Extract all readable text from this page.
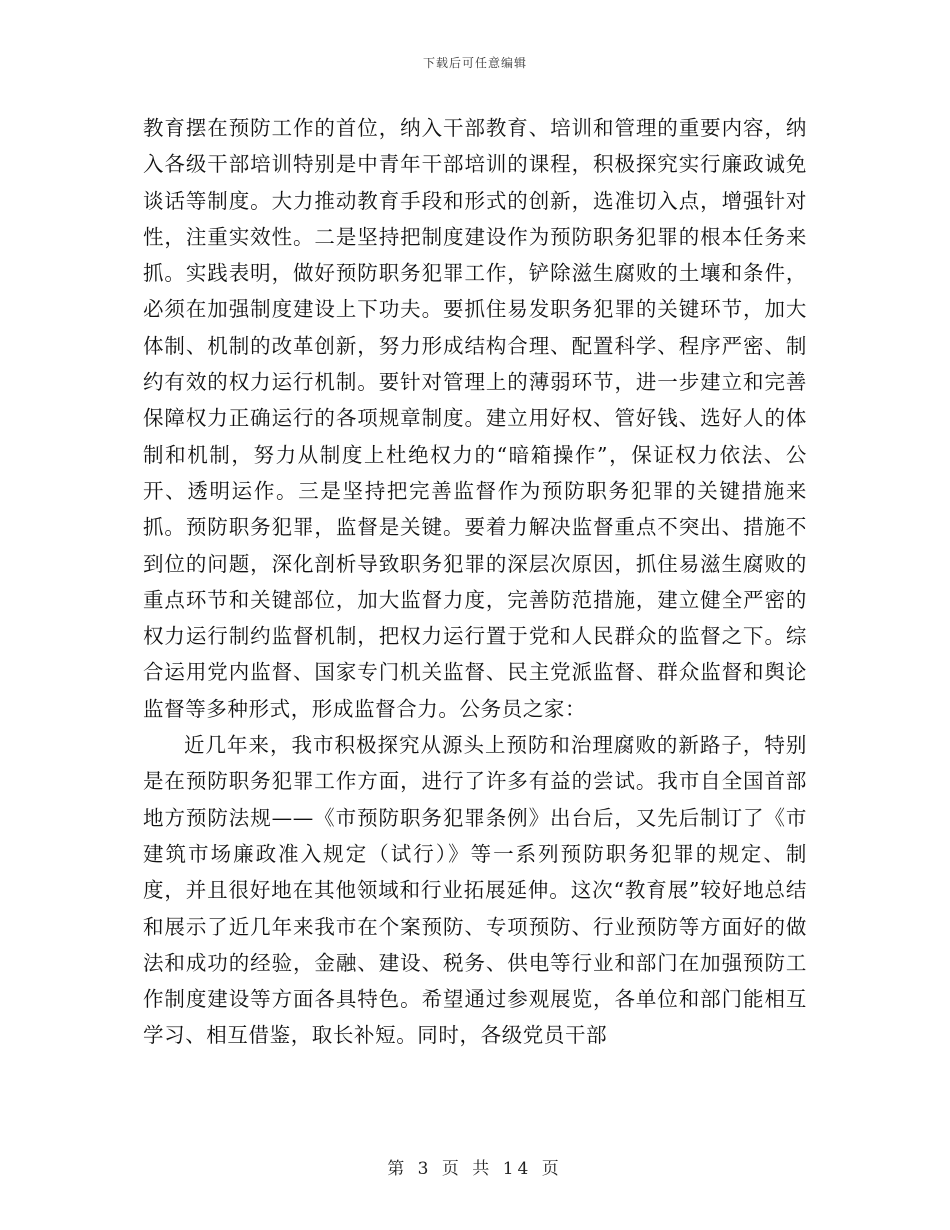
下载后可任意编辑

教育摆在预防工作的首位，纳入干部教育、培训和管理的重要内容，纳入各级干部培训特别是中青年干部培训的课程，积极探究实行廉政诚免谈话等制度。大力推动教育手段和形式的创新，选准切入点，增强针对性，注重实效性。二是坚持把制度建设作为预防职务犯罪的根本任务来抓。实践表明，做好预防职务犯罪工作，铲除滋生腐败的土壤和条件，必须在加强制度建设上下功夫。要抓住易发职务犯罪的关键环节，加大体制、机制的改革创新，努力形成结构合理、配置科学、程序严密、制约有效的权力运行机制。要针对管理上的薄弱环节，进一步建立和完善保障权力正确运行的各项规章制度。建立用好权、管好钱、选好人的体制和机制，努力从制度上杜绝权力的“暗箱操作”，保证权力依法、公开、透明运作。三是坚持把完善监督作为预防职务犯罪的关键措施来抓。预防职务犯罪，监督是关键。要着力解决监督重点不突出、措施不到位的问题，深化剖析导致职务犯罪的深层次原因，抓住易滋生腐败的重点环节和关键部位，加大监督力度，完善防范措施，建立健全严密的权力运行制约监督机制，把权力运行置于党和人民群众的监督之下。综合运用党内监督、国家专门机关监督、民主党派监督、群众监督和舆论监督等多种形式，形成监督合力。公务员之家：

近几年来，我市积极探究从源头上预防和治理腐败的新路子，特别是在预防职务犯罪工作方面，进行了许多有益的尝试。我市自全国首部地方预防法规——《市预防职务犯罪条例》出台后，又先后制订了《市建筑市场廉政准入规定（试行）》等一系列预防职务犯罪的规定、制度，并且很好地在其他领域和行业拓展延伸。这次“教育展”较好地总结和展示了近几年来我市在个案预防、专项预防、行业预防等方面好的做法和成功的经验，金融、建设、税务、供电等行业和部门在加强预防工作制度建设等方面各具特色。希望通过参观展览，各单位和部门能相互学习、相互借鉴，取长补短。同时，各级党员干部

第 3 页 共 14 页
